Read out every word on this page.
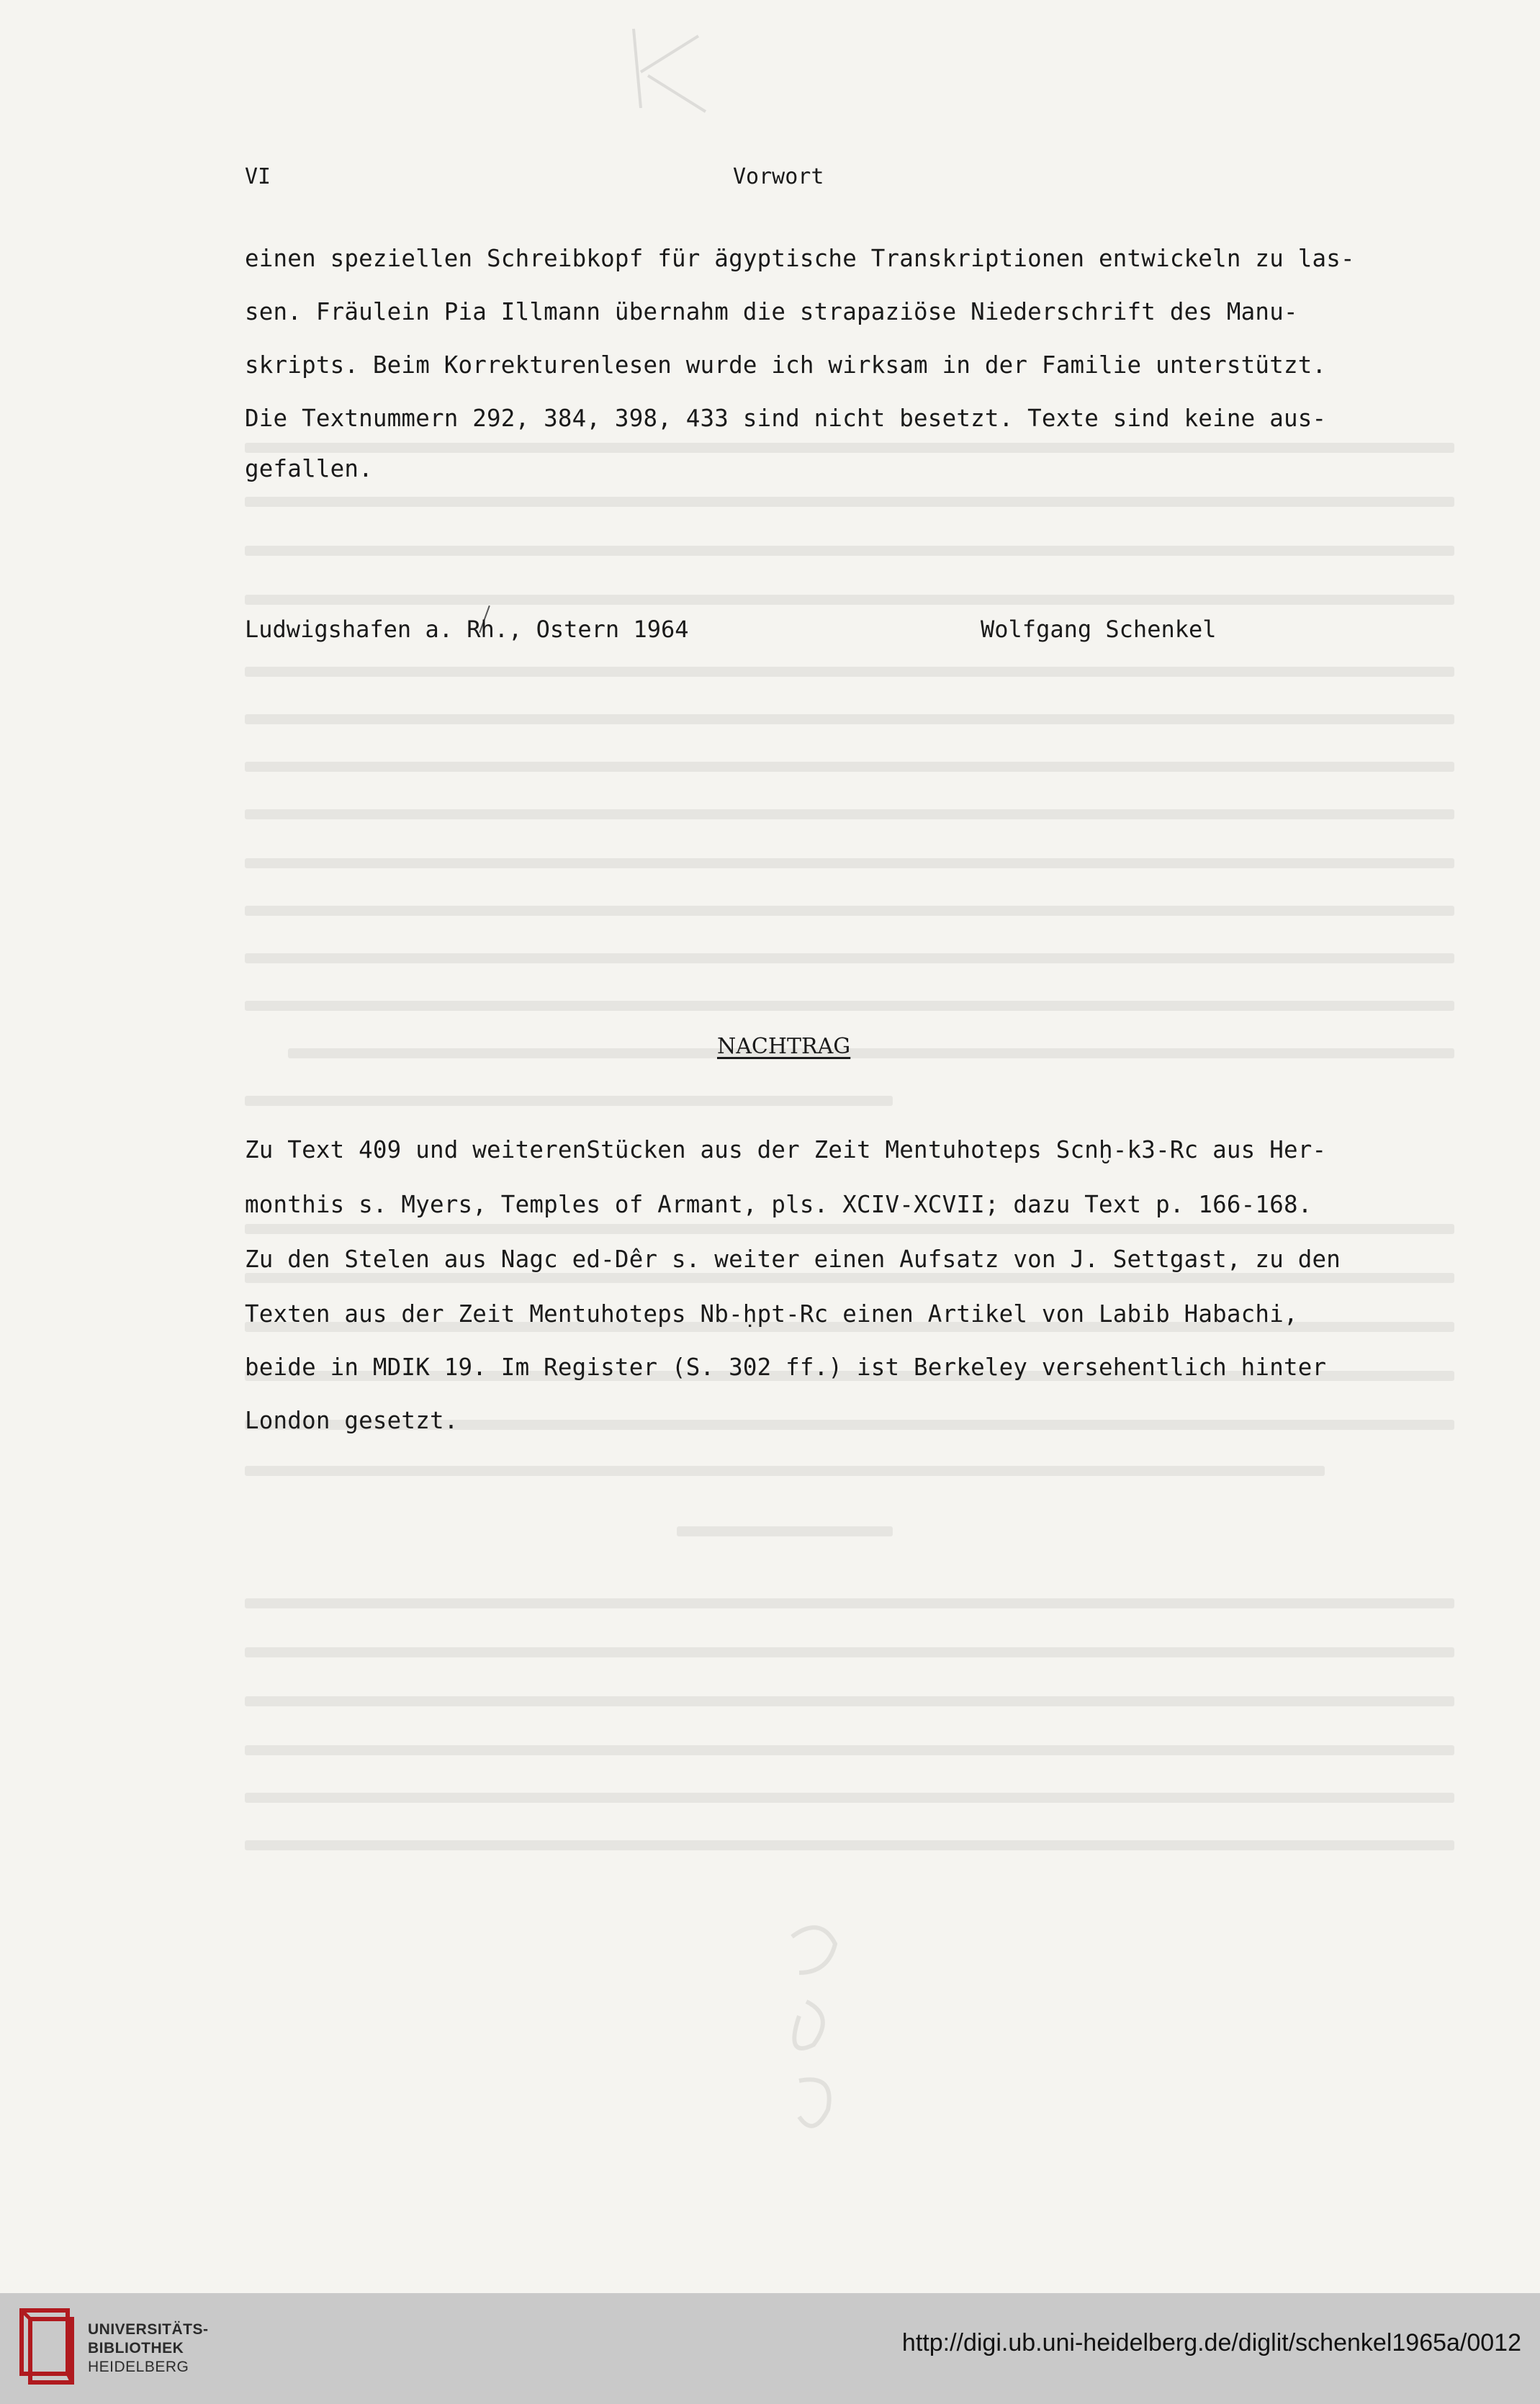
VI	Vorwort
einen speziellen Schreibkopf für ägyptische Transkriptionen entwickeln zu las-
sen. Fräulein Pia Illmann übernahm die strapaziöse Niederschrift des Manu-
skripts. Beim Korrekturenlesen wurde ich wirksam in der Familie unterstützt.
Die Textnummern 292, 384, 398, 433 sind nicht besetzt. Texte sind keine aus-
gefallen.
Ludwigshafen a. Rh., Ostern 1964	Wolfgang Schenkel
NACHTRAG
Zu Text 409 und weiterenStücken aus der Zeit Mentuhoteps Scnḫ-k3-Rc aus Her-
monthis s. Myers, Temples of Armant, pls. XCIV-XCVII; dazu Text p. 166-168.
Zu den Stelen aus Nagc ed-Dêr s. weiter einen Aufsatz von J. Settgast, zu den
Texten aus der Zeit Mentuhoteps Nb-ḥpt-Rc einen Artikel von Labib Habachi,
beide in MDIK 19. Im Register (S. 302 ff.) ist Berkeley versehentlich hinter
London gesetzt.
UNIVERSITÄTS-
BIBLIOTHEK
HEIDELBERG
http://digi.ub.uni-heidelberg.de/diglit/schenkel1965a/0012
